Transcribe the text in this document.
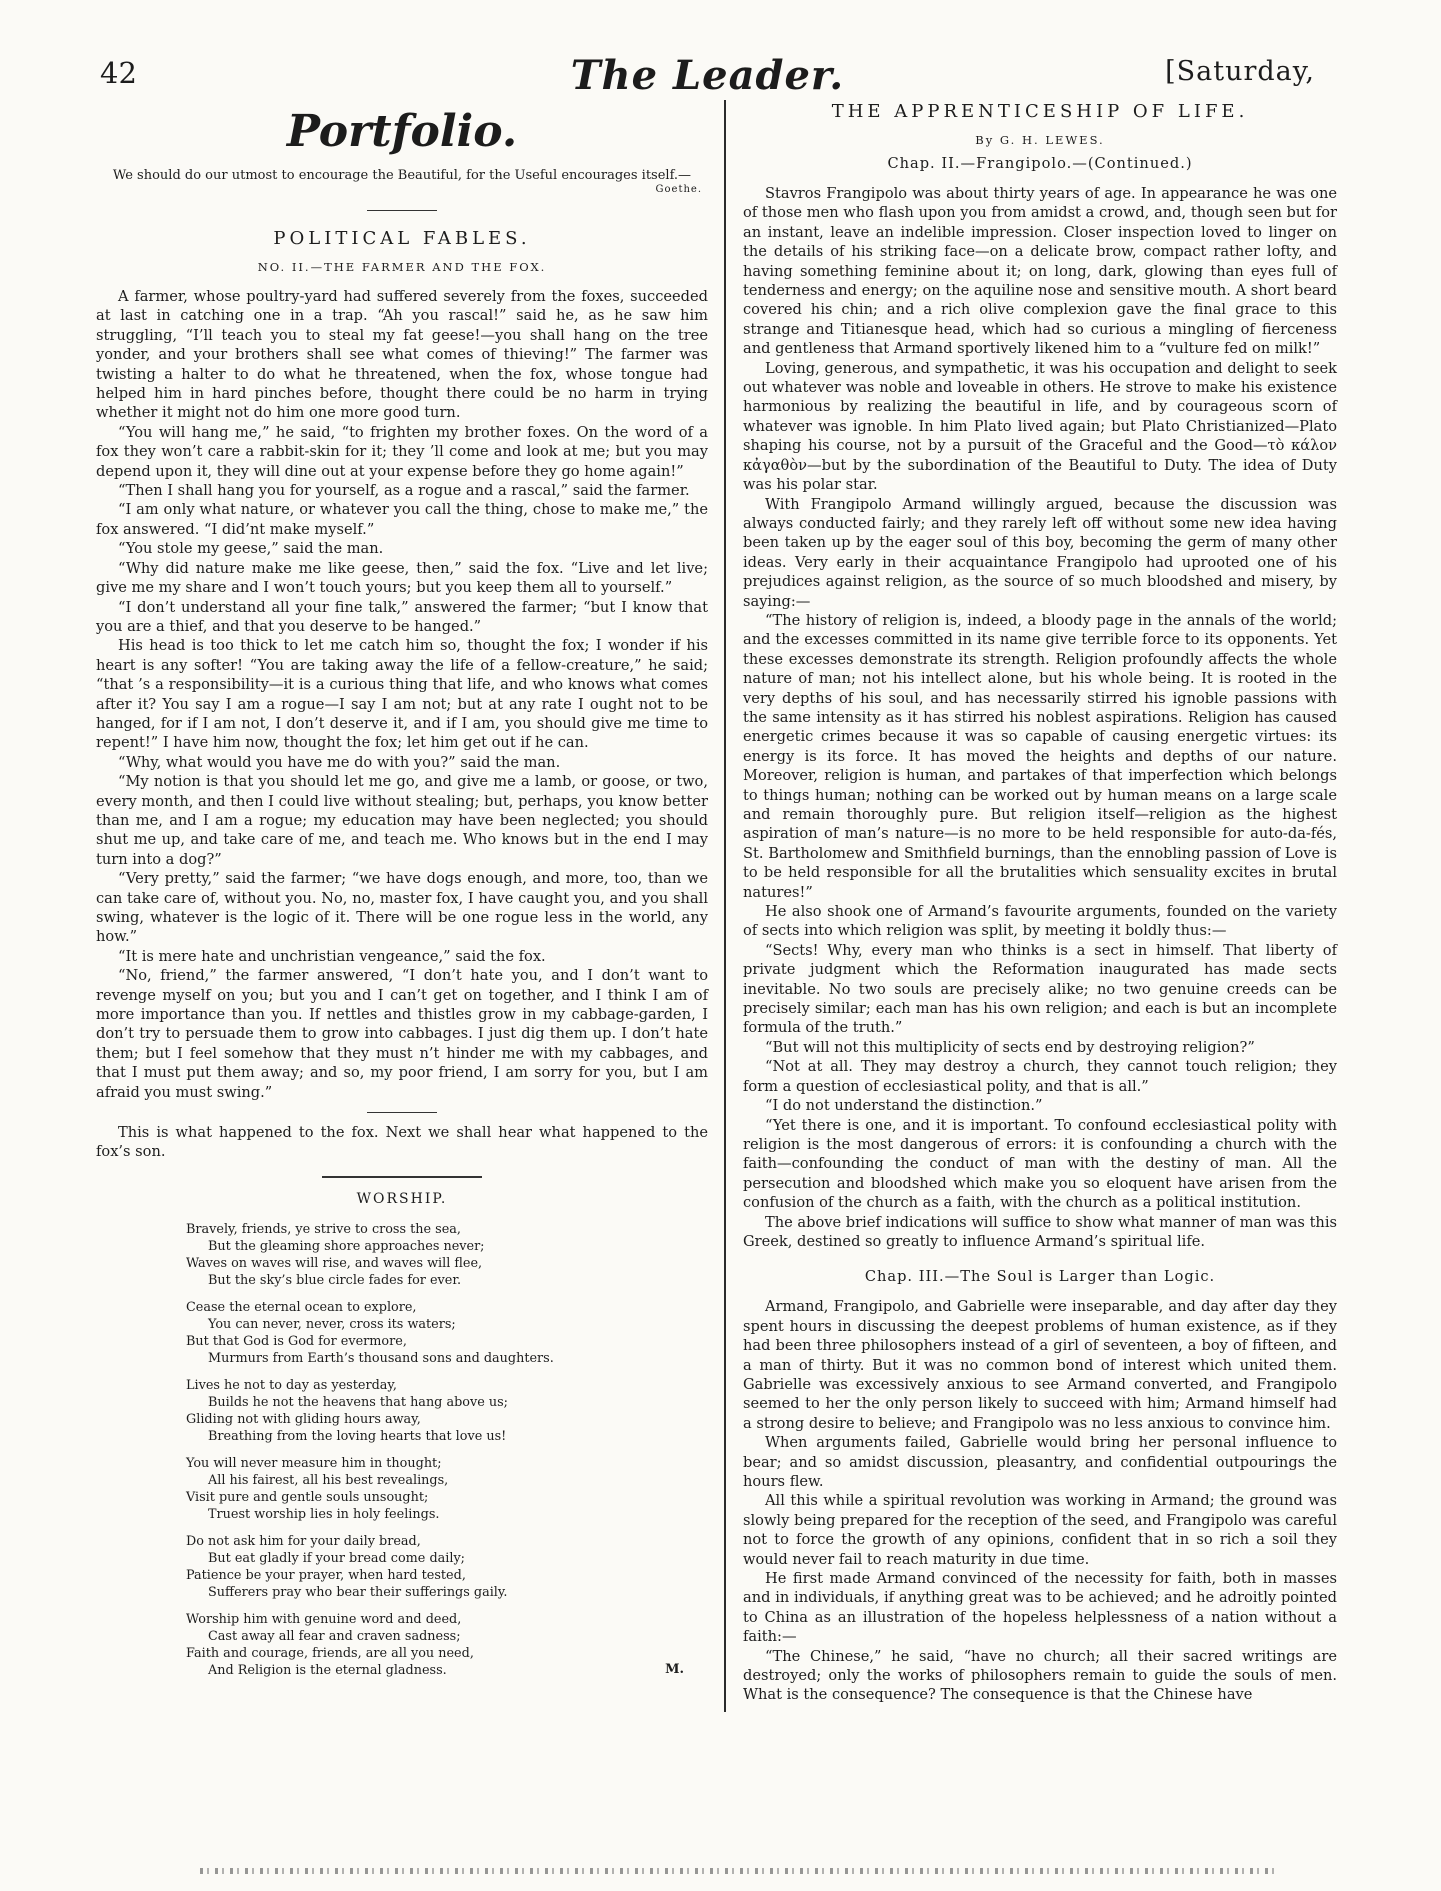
42	The Leader.	[Saturday,
Portfolio.
We should do our utmost to encourage the Beautiful, for the Useful encourages itself.—
Goethe.
POLITICAL FABLES.
NO. II.—THE FARMER AND THE FOX.

A farmer, whose poultry-yard had suffered severely from the foxes, succeeded at last in catching one in a trap. “Ah you rascal!” said he, as he saw him struggling, “I’ll teach you to steal my fat geese!—you shall hang on the tree yonder, and your brothers shall see what comes of thieving!” The farmer was twisting a halter to do what he threatened, when the fox, whose tongue had helped him in hard pinches before, thought there could be no harm in trying whether it might not do him one more good turn.

“You will hang me,” he said, “to frighten my brother foxes. On the word of a fox they won’t care a rabbit-skin for it; they ’ll come and look at me; but you may depend upon it, they will dine out at your expense before they go home again!”

“Then I shall hang you for yourself, as a rogue and a rascal,” said the farmer.

“I am only what nature, or whatever you call the thing, chose to make me,” the fox answered. “I did’nt make myself.”

“You stole my geese,” said the man.

“Why did nature make me like geese, then,” said the fox. “Live and let live; give me my share and I won’t touch yours; but you keep them all to yourself.”

“I don’t understand all your fine talk,” answered the farmer; “but I know that you are a thief, and that you deserve to be hanged.”

His head is too thick to let me catch him so, thought the fox; I wonder if his heart is any softer! “You are taking away the life of a fellow-creature,” he said; “that ’s a responsibility—it is a curious thing that life, and who knows what comes after it? You say I am a rogue—I say I am not; but at any rate I ought not to be hanged, for if I am not, I don’t deserve it, and if I am, you should give me time to repent!” I have him now, thought the fox; let him get out if he can.

“Why, what would you have me do with you?” said the man.

“My notion is that you should let me go, and give me a lamb, or goose, or two, every month, and then I could live without stealing; but, perhaps, you know better than me, and I am a rogue; my education may have been neglected; you should shut me up, and take care of me, and teach me. Who knows but in the end I may turn into a dog?”

“Very pretty,” said the farmer; “we have dogs enough, and more, too, than we can take care of, without you. No, no, master fox, I have caught you, and you shall swing, whatever is the logic of it. There will be one rogue less in the world, any how.”

“It is mere hate and unchristian vengeance,” said the fox.

“No, friend,” the farmer answered, “I don’t hate you, and I don’t want to revenge myself on you; but you and I can’t get on together, and I think I am of more importance than you. If nettles and thistles grow in my cabbage-garden, I don’t try to persuade them to grow into cabbages. I just dig them up. I don’t hate them; but I feel somehow that they must n’t hinder me with my cabbages, and that I must put them away; and so, my poor friend, I am sorry for you, but I am afraid you must swing.”

This is what happened to the fox. Next we shall hear what happened to the fox’s son.

WORSHIP.
Bravely, friends, ye strive to cross the sea,
But the gleaming shore approaches never;
Waves on waves will rise, and waves will flee,
But the sky’s blue circle fades for ever.
Cease the eternal ocean to explore,
You can never, never, cross its waters;
But that God is God for evermore,
Murmurs from Earth’s thousand sons and daughters.
Lives he not to day as yesterday,
Builds he not the heavens that hang above us;
Gliding not with gliding hours away,
Breathing from the loving hearts that love us!
You will never measure him in thought;
All his fairest, all his best revealings,
Visit pure and gentle souls unsought;
Truest worship lies in holy feelings.
Do not ask him for your daily bread,
But eat gladly if your bread come daily;
Patience be your prayer, when hard tested,
Sufferers pray who bear their sufferings gaily.
Worship him with genuine word and deed,
Cast away all fear and craven sadness;
Faith and courage, friends, are all you need,
And Religion is the eternal gladness.	M.
THE APPRENTICESHIP OF LIFE.
By G. H. LEWES.
Chap. II.—Frangipolo.—(Continued.)

Stavros Frangipolo was about thirty years of age. In appearance he was one of those men who flash upon you from amidst a crowd, and, though seen but for an instant, leave an indelible impression. Closer inspection loved to linger on the details of his striking face—on a delicate brow, compact rather lofty, and having something feminine about it; on long, dark, glowing than eyes full of tenderness and energy; on the aquiline nose and sensitive mouth. A short beard covered his chin; and a rich olive complexion gave the final grace to this strange and Titianesque head, which had so curious a mingling of fierceness and gentleness that Armand sportively likened him to a “vulture fed on milk!”

Loving, generous, and sympathetic, it was his occupation and delight to seek out whatever was noble and loveable in others. He strove to make his existence harmonious by realizing the beautiful in life, and by courageous scorn of whatever was ignoble. In him Plato lived again; but Plato Christianized—Plato shaping his course, not by a pursuit of the Graceful and the Good—τὸ κάλον κἀγαθὸν—but by the subordination of the Beautiful to Duty. The idea of Duty was his polar star.

With Frangipolo Armand willingly argued, because the discussion was always conducted fairly; and they rarely left off without some new idea having been taken up by the eager soul of this boy, becoming the germ of many other ideas. Very early in their acquaintance Frangipolo had uprooted one of his prejudices against religion, as the source of so much bloodshed and misery, by saying:—

“The history of religion is, indeed, a bloody page in the annals of the world; and the excesses committed in its name give terrible force to its opponents. Yet these excesses demonstrate its strength. Religion profoundly affects the whole nature of man; not his intellect alone, but his whole being. It is rooted in the very depths of his soul, and has necessarily stirred his ignoble passions with the same intensity as it has stirred his noblest aspirations. Religion has caused energetic crimes because it was so capable of causing energetic virtues: its energy is its force. It has moved the heights and depths of our nature. Moreover, religion is human, and partakes of that imperfection which belongs to things human; nothing can be worked out by human means on a large scale and remain thoroughly pure. But religion itself—religion as the highest aspiration of man’s nature—is no more to be held responsible for auto-da-fés, St. Bartholomew and Smithfield burnings, than the ennobling passion of Love is to be held responsible for all the brutalities which sensuality excites in brutal natures!”

He also shook one of Armand’s favourite arguments, founded on the variety of sects into which religion was split, by meeting it boldly thus:—

“Sects! Why, every man who thinks is a sect in himself. That liberty of private judgment which the Reformation inaugurated has made sects inevitable. No two souls are precisely alike; no two genuine creeds can be precisely similar; each man has his own religion; and each is but an incomplete formula of the truth.”

“But will not this multiplicity of sects end by destroying religion?”

“Not at all. They may destroy a church, they cannot touch religion; they form a question of ecclesiastical polity, and that is all.”

“I do not understand the distinction.”

“Yet there is one, and it is important. To confound ecclesiastical polity with religion is the most dangerous of errors: it is confounding a church with the faith—confounding the conduct of man with the destiny of man. All the persecution and bloodshed which make you so eloquent have arisen from the confusion of the church as a faith, with the church as a political institution.

The above brief indications will suffice to show what manner of man was this Greek, destined so greatly to influence Armand’s spiritual life.

Chap. III.—The Soul is Larger than Logic.

Armand, Frangipolo, and Gabrielle were inseparable, and day after day they spent hours in discussing the deepest problems of human existence, as if they had been three philosophers instead of a girl of seventeen, a boy of fifteen, and a man of thirty. But it was no common bond of interest which united them. Gabrielle was excessively anxious to see Armand converted, and Frangipolo seemed to her the only person likely to succeed with him; Armand himself had a strong desire to believe; and Frangipolo was no less anxious to convince him.

When arguments failed, Gabrielle would bring her personal influence to bear; and so amidst discussion, pleasantry, and confidential outpourings the hours flew.

All this while a spiritual revolution was working in Armand; the ground was slowly being prepared for the reception of the seed, and Frangipolo was careful not to force the growth of any opinions, confident that in so rich a soil they would never fail to reach maturity in due time.

He first made Armand convinced of the necessity for faith, both in masses and in individuals, if anything great was to be achieved; and he adroitly pointed to China as an illustration of the hopeless helplessness of a nation without a faith:—

“The Chinese,” he said, “have no church; all their sacred writings are destroyed; only the works of philosophers remain to guide the souls of men. What is the consequence? The consequence is that the Chinese have
